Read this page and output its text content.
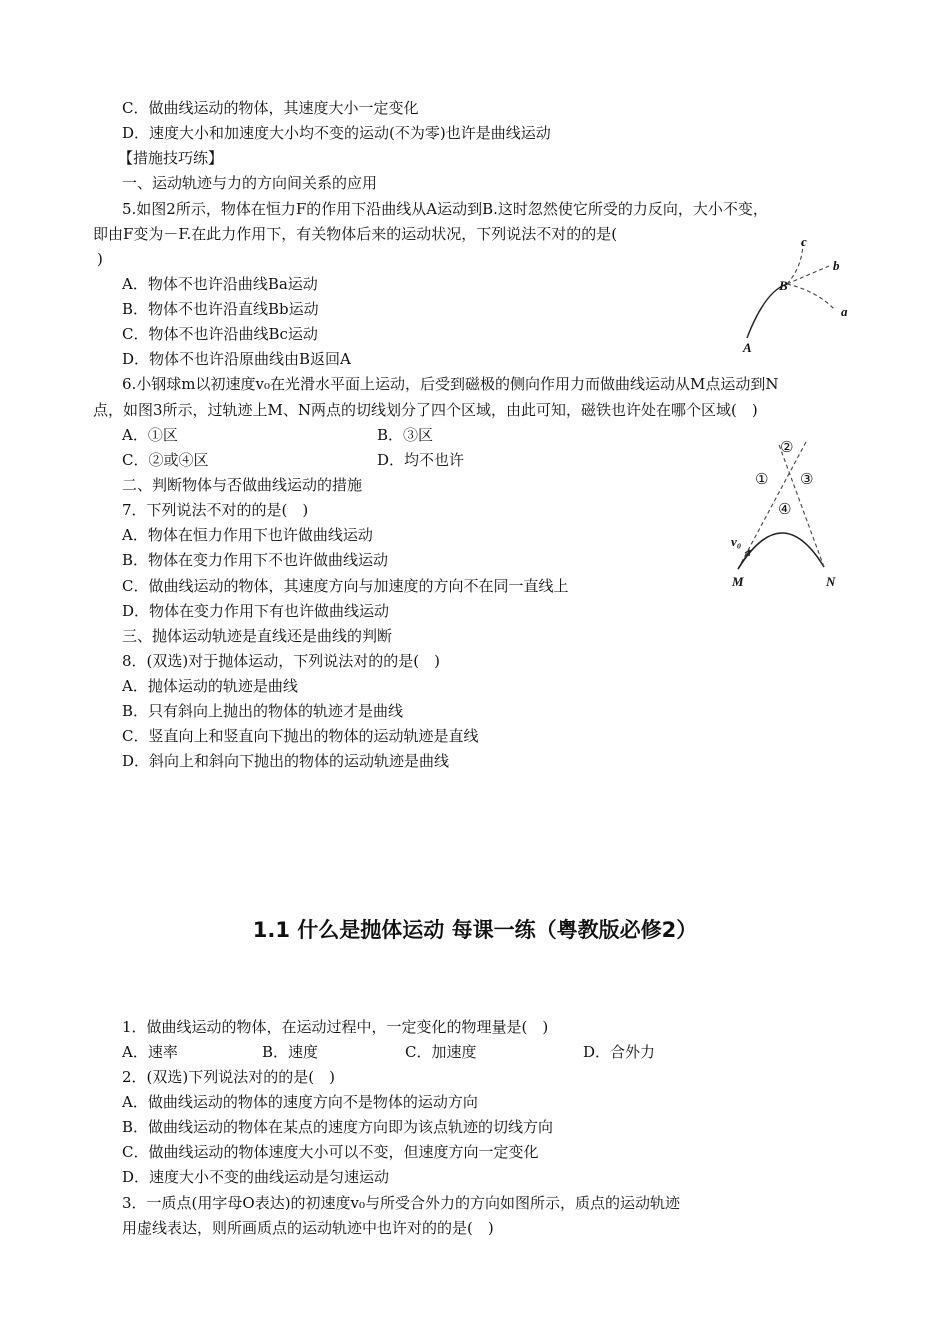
C．做曲线运动的物体，其速度大小一定变化
D．速度大小和加速度大小均不变的运动(不为零)也许是曲线运动
【措施技巧练】
一、运动轨迹与力的方向间关系的应用
5.如图2所示，物体在恒力F的作用下沿曲线从A运动到B.这时忽然使它所受的力反向，大小不变，
即由F变为－F.在此力作用下，有关物体后来的运动状况，下列说法不对的的是(
)
A．物体不也许沿曲线Ba运动
B．物体不也许沿直线Bb运动
C．物体不也许沿曲线Bc运动
D．物体不也许沿原曲线由B返回A
6.小钢球m以初速度v₀在光滑水平面上运动，后受到磁极的侧向作用力而做曲线运动从M点运动到N
点，如图3所示，过轨迹上M、N两点的切线划分了四个区域，由此可知，磁铁也许处在哪个区域(　)
A．①区	B．③区
C．②或④区	D．均不也许
二、判断物体与否做曲线运动的措施
7．下列说法不对的的是(　)
A．物体在恒力作用下也许做曲线运动
B．物体在变力作用下不也许做曲线运动
C．做曲线运动的物体，其速度方向与加速度的方向不在同一直线上
D．物体在变力作用下有也许做曲线运动
三、抛体运动轨迹是直线还是曲线的判断
8．(双选)对于抛体运动，下列说法对的的是(　)
A．抛体运动的轨迹是曲线
B．只有斜向上抛出的物体的轨迹才是曲线
C．竖直向上和竖直向下抛出的物体的运动轨迹是直线
D．斜向上和斜向下抛出的物体的运动轨迹是曲线
A
B
a
b
c
M	N
v₀
①
②
③
④
1.1 什么是抛体运动 每课一练（粤教版必修2）
1．做曲线运动的物体，在运动过程中，一定变化的物理量是(　)
A．速率	B．速度	C．加速度	D．合外力
2．(双选)下列说法对的的是(　)
A．做曲线运动的物体的速度方向不是物体的运动方向
B．做曲线运动的物体在某点的速度方向即为该点轨迹的切线方向
C．做曲线运动的物体速度大小可以不变，但速度方向一定变化
D．速度大小不变的曲线运动是匀速运动
3．一质点(用字母O表达)的初速度v₀与所受合外力的方向如图所示，质点的运动轨迹
用虚线表达，则所画质点的运动轨迹中也许对的的是(　)
